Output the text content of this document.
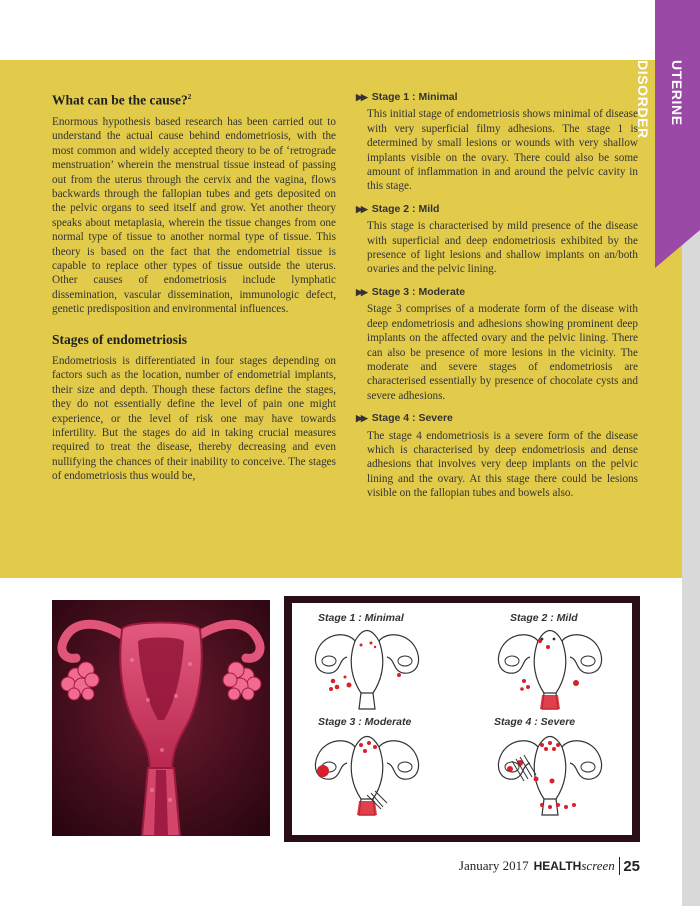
UTERINE DISORDER
What can be the cause?$^2$

Enormous hypothesis based research has been carried out to understand the actual cause behind endometriosis, with the most common and widely accepted theory to be of ‘retrograde menstruation’ wherein the menstrual tissue instead of passing out from the uterus through the cervix and the vagina, flows backwards through the fallopian tubes and gets deposited on the pelvic organs to seed itself and grow. Yet another theory speaks about metaplasia, wherein the tissue changes from one normal type of tissue to another normal type of tissue. This theory is based on the fact that the endometrial tissue is capable to replace other types of tissue outside the uterus. Other causes of endometriosis include lymphatic dissemination, vascular dissemination, immunologic defect, genetic predisposition and environmental influences.

Stages of endometriosis

Endometriosis is differentiated in four stages depending on factors such as the location, number of endometrial implants, their size and depth. Though these factors define the stages, they do not essentially define the level of pain one might experience, or the level of risk one may have towards infertility. But the stages do aid in taking crucial measures required to treat the disease, thereby decreasing and even nullifying the chances of their inability to conceive. The stages of endometriosis thus would be,

▶▶ Stage 1 : Minimal

This initial stage of endometriosis shows minimal of disease with very superficial filmy adhesions. The stage 1 is determined by small lesions or wounds with very shallow implants visible on the ovary. There could also be some amount of inflammation in and around the pelvic cavity in this stage.

▶▶ Stage 2 : Mild

This stage is characterised by mild presence of the disease with superficial and deep endometriosis exhibited by the presence of light lesions and shallow implants on an/both ovaries and the pelvic lining.

▶▶ Stage 3 : Moderate

Stage 3 comprises of a moderate form of the disease with deep endometriosis and adhesions showing prominent deep implants on the affected ovary and the pelvic lining. There can also be presence of more lesions in the vicinity. The moderate and severe stages of endometriosis are characterised essentially by presence of chocolate cysts and severe adhesions.

▶▶ Stage 4 : Severe

The stage 4 endometriosis is a severe form of the disease which is characterised by deep endometriosis and dense adhesions that involves very deep implants on the pelvic lining and the ovary. At this stage there could be lesions visible on the fallopian tubes and bowels also.

Stage 1 : Minimal	Stage 2 : Mild
Stage 3 : Moderate	Stage 4 : Severe
January 2017 HEALTH screen 25
